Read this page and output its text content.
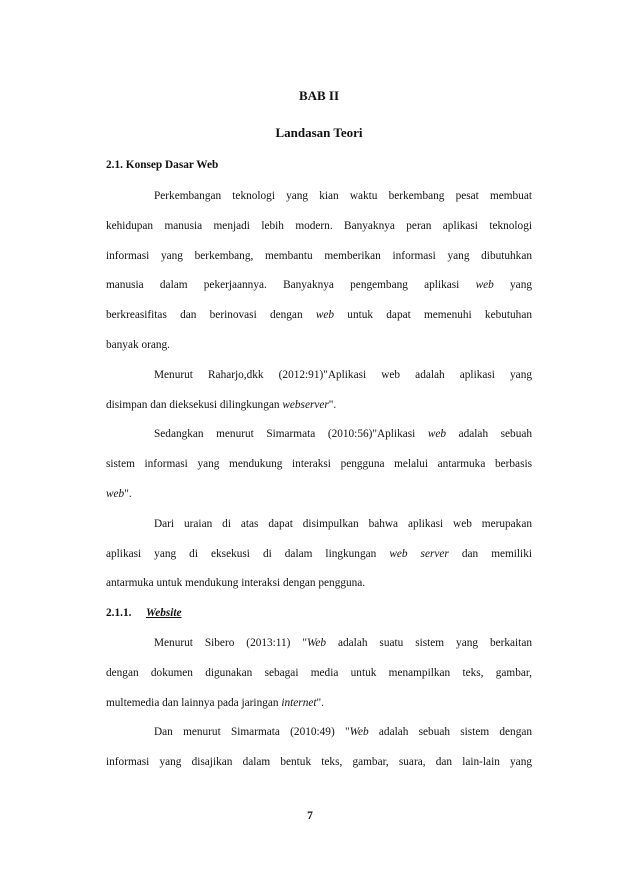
BAB II
Landasan Teori
2.1. Konsep Dasar Web
Perkembangan teknologi yang kian waktu berkembang pesat membuat
kehidupan manusia menjadi lebih modern. Banyaknya peran aplikasi teknologi
informasi yang berkembang, membantu memberikan informasi yang dibutuhkan
manusia dalam pekerjaannya. Banyaknya pengembang aplikasi web yang
berkreasifitas dan berinovasi dengan web untuk dapat memenuhi kebutuhan
banyak orang.
Menurut Raharjo,dkk (2012:91)"Aplikasi web adalah aplikasi yang
disimpan dan dieksekusi dilingkungan webserver".
Sedangkan menurut Simarmata (2010:56)"Aplikasi web adalah sebuah
sistem informasi yang mendukung interaksi pengguna melalui antarmuka berbasis
web".
Dari uraian di atas dapat disimpulkan bahwa aplikasi web merupakan
aplikasi yang di eksekusi di dalam lingkungan web server dan memiliki
antarmuka untuk mendukung interaksi dengan pengguna.
2.1.1. Website
Menurut Sibero (2013:11) "Web adalah suatu sistem yang berkaitan
dengan dokumen digunakan sebagai media untuk menampilkan teks, gambar,
multemedia dan lainnya pada jaringan internet".
Dan menurut Simarmata (2010:49) "Web adalah sebuah sistem dengan
informasi yang disajikan dalam bentuk teks, gambar, suara, dan lain-lain yang
7
